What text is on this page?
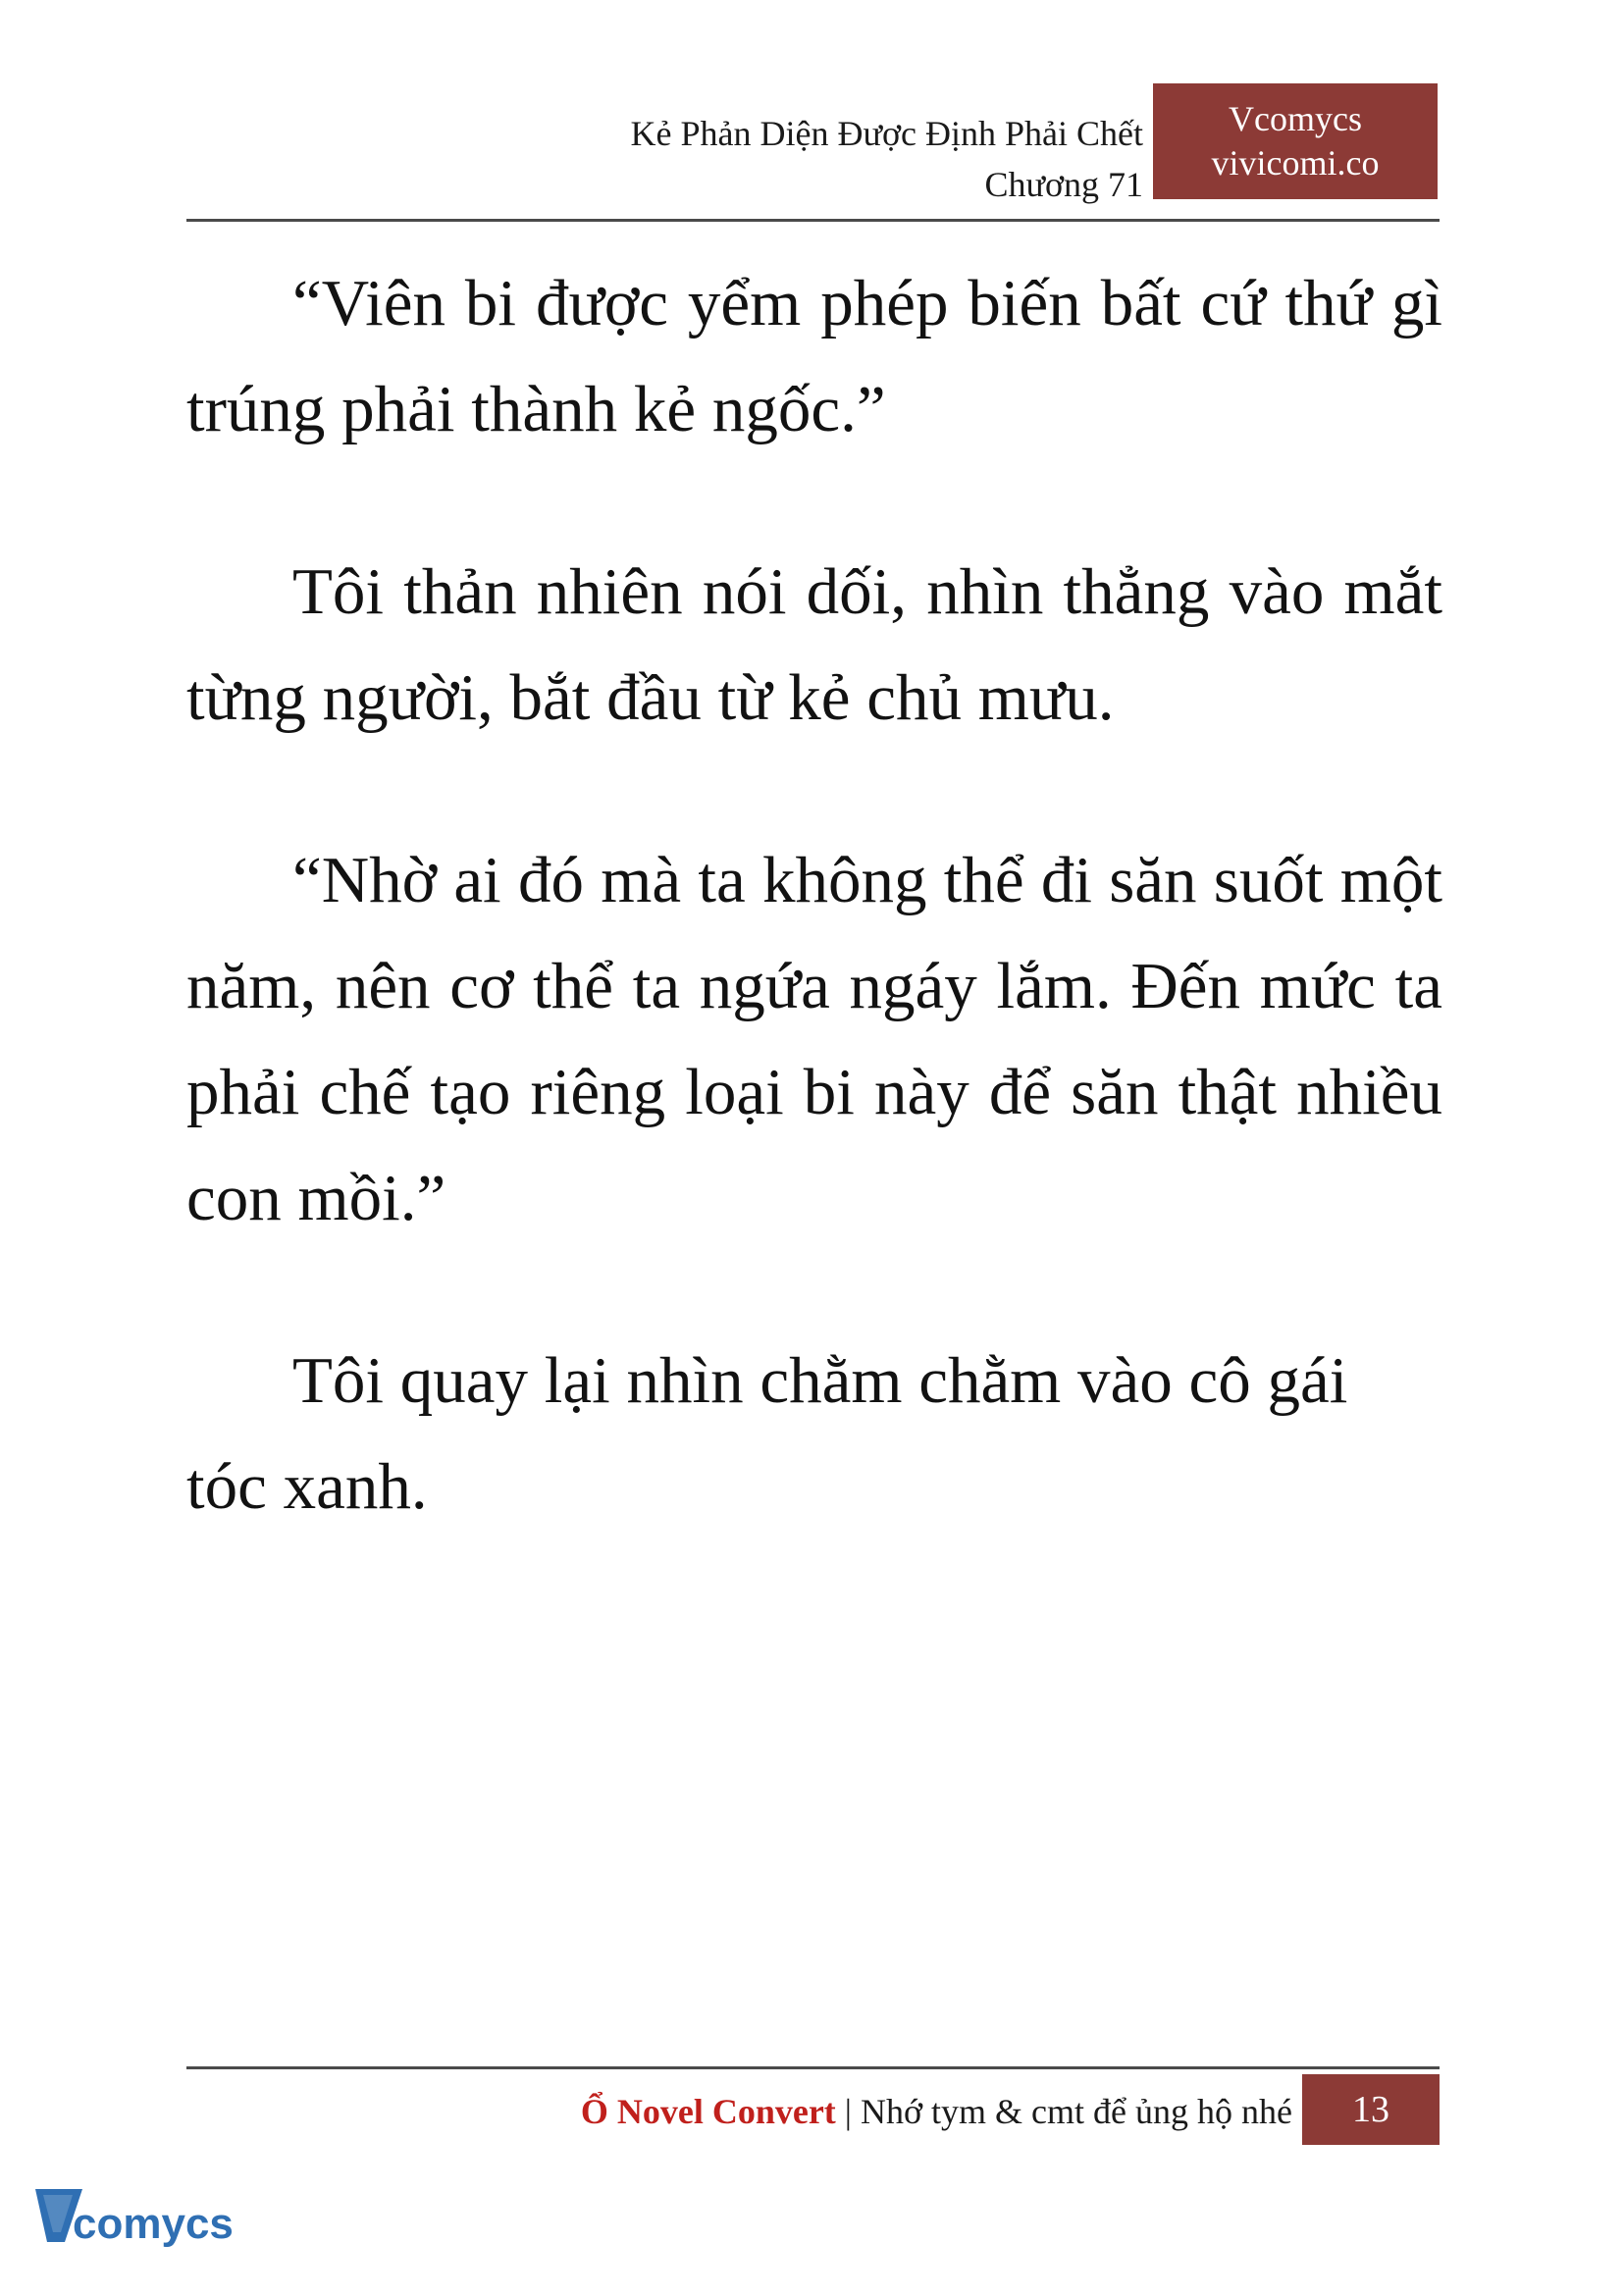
Kẻ Phản Diện Được Định Phải Chết
Chương 71
Vcomycs
vivicomi.co

“Viên bi được yểm phép biến bất cứ thứ gì trúng phải thành kẻ ngốc.”

Tôi thản nhiên nói dối, nhìn thẳng vào mắt từng người, bắt đầu từ kẻ chủ mưu.

“Nhờ ai đó mà ta không thể đi săn suốt một năm, nên cơ thể ta ngứa ngáy lắm. Đến mức ta phải chế tạo riêng loại bi này để săn thật nhiều con mồi.”

Tôi quay lại nhìn chằm chằm vào cô gái tóc xanh.

Ổ Novel Convert | Nhớ tym & cmt để ủng hộ nhé	13
comycs
